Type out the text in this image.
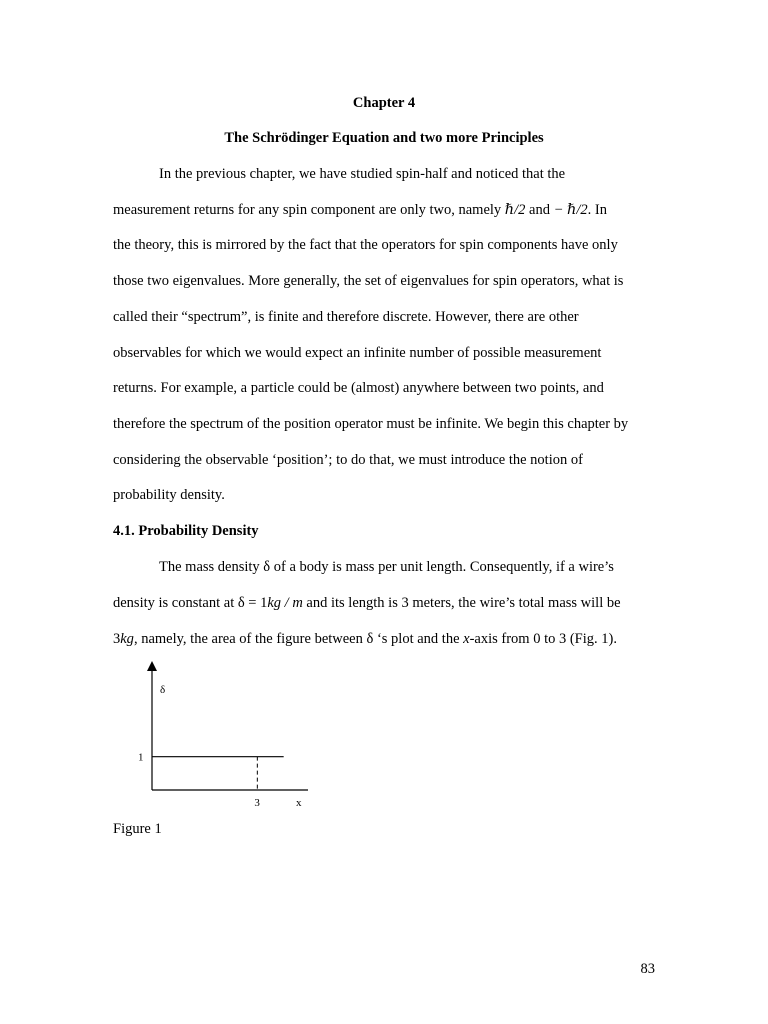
Chapter 4
The Schrödinger Equation and two more Principles
In the previous chapter, we have studied spin-half and noticed that the
measurement returns for any spin component are only two, namely ℏ/2 and − ℏ/2. In
the theory, this is mirrored by the fact that the operators for spin components have only
those two eigenvalues. More generally, the set of eigenvalues for spin operators, what is
called their “spectrum”, is finite and therefore discrete. However, there are other
observables for which we would expect an infinite number of possible measurement
returns. For example, a particle could be (almost) anywhere between two points, and
therefore the spectrum of the position operator must be infinite. We begin this chapter by
considering the observable ‘position’; to do that, we must introduce the notion of
probability density.
4.1. Probability Density
The mass density δ of a body is mass per unit length. Consequently, if a wire’s
density is constant at δ = 1kg / m and its length is 3 meters, the wire’s total mass will be
3kg, namely, the area of the figure between δ ‘s plot and the x-axis from 0 to 3 (Fig. 1).
δ
1
3	x
Figure 1
83
